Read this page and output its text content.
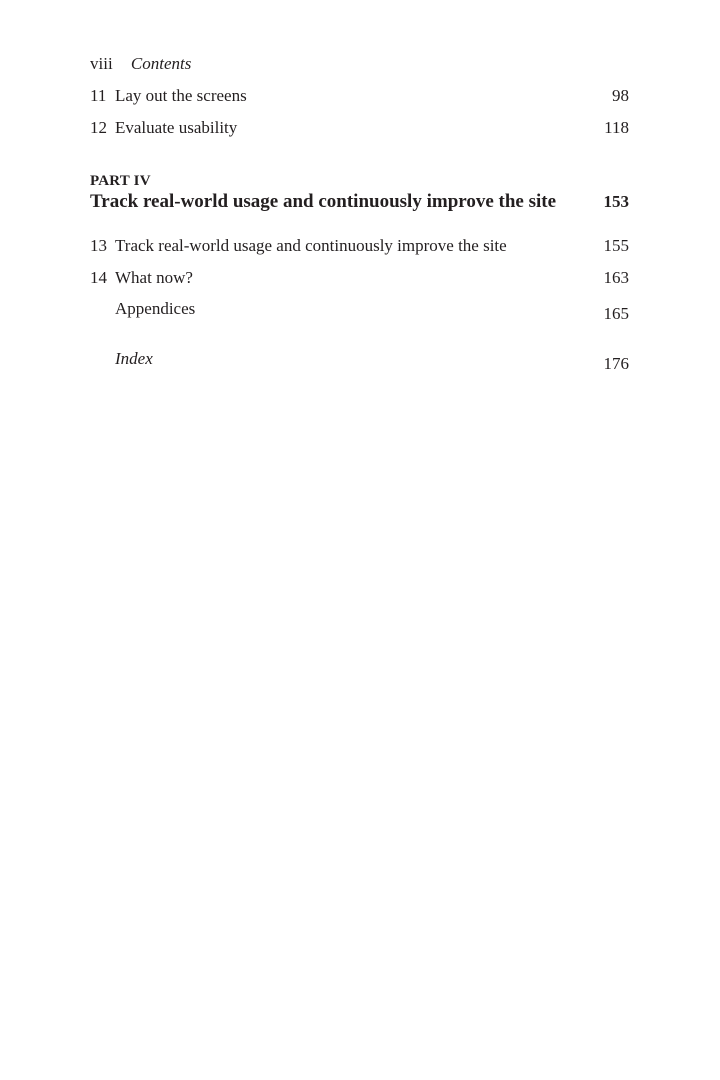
viii Contents
11 Lay out the screens	98
12 Evaluate usability	118
PART IV
Track real-world usage and continuously improve the site	153
13 Track real-world usage and continuously improve the site	155
14 What now?	163
Appendices	165
Index	176
